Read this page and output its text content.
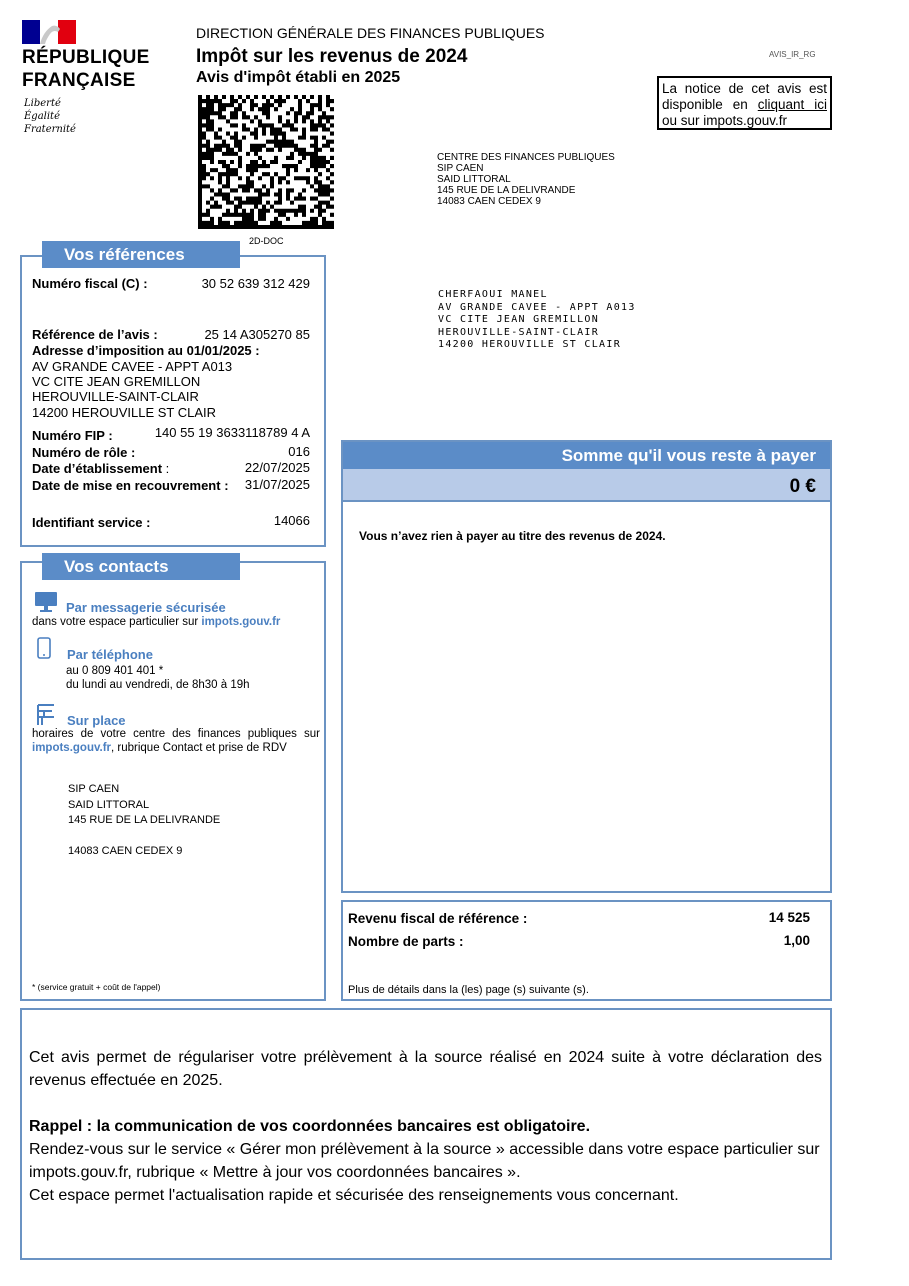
RÉPUBLIQUE
FRANÇAISE
Liberté
Égalité
Fraternité
DIRECTION GÉNÉRALE DES FINANCES PUBLIQUES
Impôt sur les revenus de 2024
Avis d'impôt établi en 2025
AVIS_IR_RG
La notice de cet avis est disponible en cliquant ici ou sur impots.gouv.fr
2D-DOC
CENTRE DES FINANCES PUBLIQUES
SIP CAEN
SAID LITTORAL
145 RUE DE LA DELIVRANDE
14083 CAEN CEDEX 9
CHERFAOUI MANEL
AV GRANDE CAVEE - APPT A013
VC CITE JEAN GREMILLON
HEROUVILLE-SAINT-CLAIR
14200 HEROUVILLE ST CLAIR
Vos références
Numéro fiscal (C) :	30 52 639 312 429
Référence de l’avis :	25 14 A305270 85
Adresse d’imposition au 01/01/2025 :
AV GRANDE CAVEE - APPT A013
VC CITE JEAN GREMILLON
HEROUVILLE-SAINT-CLAIR
14200 HEROUVILLE ST CLAIR
Numéro FIP :	140 55 19 3633118789 4 A
Numéro de rôle :	016
Date d’établissement :	22/07/2025
Date de mise en recouvrement : 31/07/2025
Identifiant service :	14066
Vos contacts
Par messagerie sécurisée
dans votre espace particulier sur impots.gouv.fr
Par téléphone
au 0 809 401 401 *
du lundi au vendredi, de 8h30 à 19h
Sur place
horaires de votre centre des finances publiques sur
impots.gouv.fr, rubrique Contact et prise de RDV
SIP CAEN
SAID LITTORAL
145 RUE DE LA DELIVRANDE
14083 CAEN CEDEX 9
* (service gratuit + coût de l'appel)
Somme qu'il vous reste à payer
0 €
Vous n’avez rien à payer au titre des revenus de 2024.
Revenu fiscal de référence :	14 525
Nombre de parts :	1,00
Plus de détails dans la (les) page (s) suivante (s).
Cet avis permet de régulariser votre prélèvement à la source réalisé en 2024 suite à votre déclaration des revenus effectuée en 2025.
Rappel : la communication de vos coordonnées bancaires est obligatoire.
Rendez-vous sur le service « Gérer mon prélèvement à la source » accessible dans votre espace particulier sur impots.gouv.fr, rubrique « Mettre à jour vos coordonnées bancaires ».
Cet espace permet l'actualisation rapide et sécurisée des renseignements vous concernant.
